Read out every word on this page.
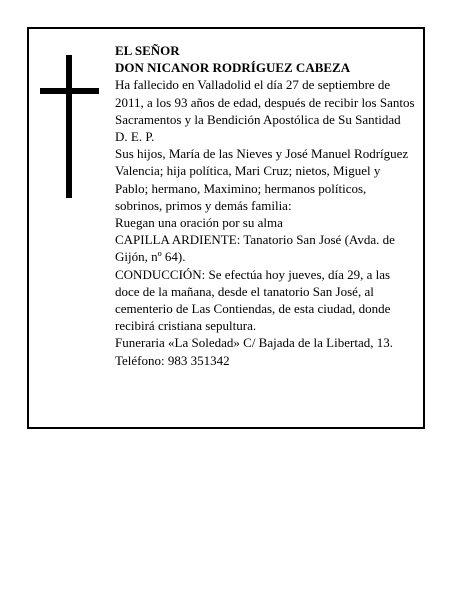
EL SEÑOR

DON NICANOR RODRÍGUEZ CABEZA

Ha fallecido en Valladolid el día 27 de septiembre de 2011, a los 93 años de edad, después de recibir los Santos Sacramentos y la Bendición Apostólica de Su Santidad

D. E. P.

Sus hijos, María de las Nieves y José Manuel Rodríguez Valencia; hija política, Mari Cruz; nietos, Miguel y Pablo; hermano, Maximino; hermanos políticos, sobrinos, primos y demás familia:

Ruegan una oración por su alma

CAPILLA ARDIENTE: Tanatorio San José (Avda. de Gijón, nº 64).

CONDUCCIÓN: Se efectúa hoy jueves, día 29, a las doce de la mañana, desde el tanatorio San José, al cementerio de Las Contiendas, de esta ciudad, donde recibirá cristiana sepultura.

Funeraria «La Soledad» C/ Bajada de la Libertad, 13.

Teléfono: 983 351342
